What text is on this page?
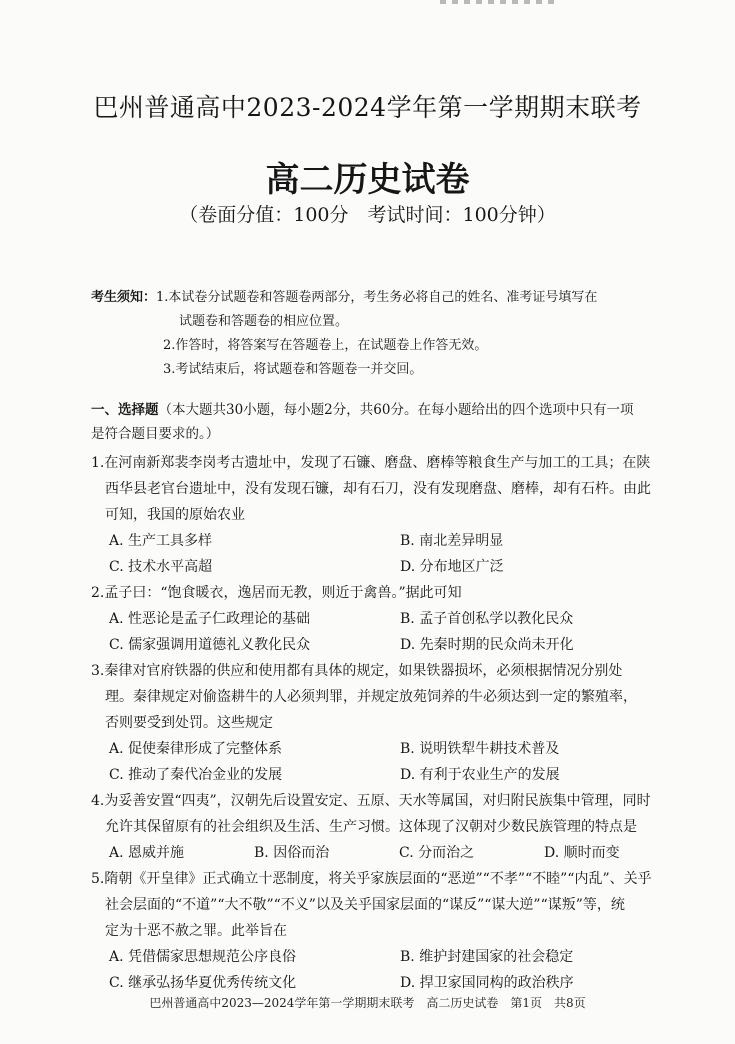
巴州普通高中2023-2024学年第一学期期末联考
高二历史试卷
（卷面分值：100分　考试时间：100分钟）
考生须知：1.本试卷分试题卷和答题卷两部分，考生务必将自己的姓名、准考证号填写在
试题卷和答题卷的相应位置。
2.作答时，将答案写在答题卷上，在试题卷上作答无效。
3.考试结束后，将试题卷和答题卷一并交回。
一、选择题（本大题共30小题，每小题2分，共60分。在每小题给出的四个选项中只有一项
是符合题目要求的。）
1.在河南新郑裴李岗考古遗址中，发现了石镰、磨盘、磨棒等粮食生产与加工的工具；在陕
西华县老官台遗址中，没有发现石镰，却有石刀，没有发现磨盘、磨棒，却有石杵。由此
可知，我国的原始农业
A. 生产工具多样	B. 南北差异明显
C. 技术水平高超	D. 分布地区广泛
2.孟子曰：“饱食暖衣，逸居而无教，则近于禽兽。”据此可知
A. 性恶论是孟子仁政理论的基础	B. 孟子首创私学以教化民众
C. 儒家强调用道德礼义教化民众	D. 先秦时期的民众尚未开化
3.秦律对官府铁器的供应和使用都有具体的规定，如果铁器损坏，必须根据情况分别处
理。秦律规定对偷盗耕牛的人必须判罪，并规定放苑饲养的牛必须达到一定的繁殖率，
否则要受到处罚。这些规定
A. 促使秦律形成了完整体系	B. 说明铁犁牛耕技术普及
C. 推动了秦代冶金业的发展	D. 有利于农业生产的发展
4.为妥善安置“四夷”，汉朝先后设置安定、五原、天水等属国，对归附民族集中管理，同时
允许其保留原有的社会组织及生活、生产习惯。这体现了汉朝对少数民族管理的特点是
A. 恩威并施	B. 因俗而治	C. 分而治之	D. 顺时而变
5.隋朝《开皇律》正式确立十恶制度，将关乎家族层面的“恶逆”“不孝”“不睦”“内乱”、关乎
社会层面的“不道”“大不敬”“不义”以及关乎国家层面的“谋反”“谋大逆”“谋叛”等，统
定为十恶不赦之罪。此举旨在
A. 凭借儒家思想规范公序良俗	B. 维护封建国家的社会稳定
C. 继承弘扬华夏优秀传统文化	D. 捍卫家国同构的政治秩序
巴州普通高中2023—2024学年第一学期期末联考　高二历史试卷　第1页　共8页
